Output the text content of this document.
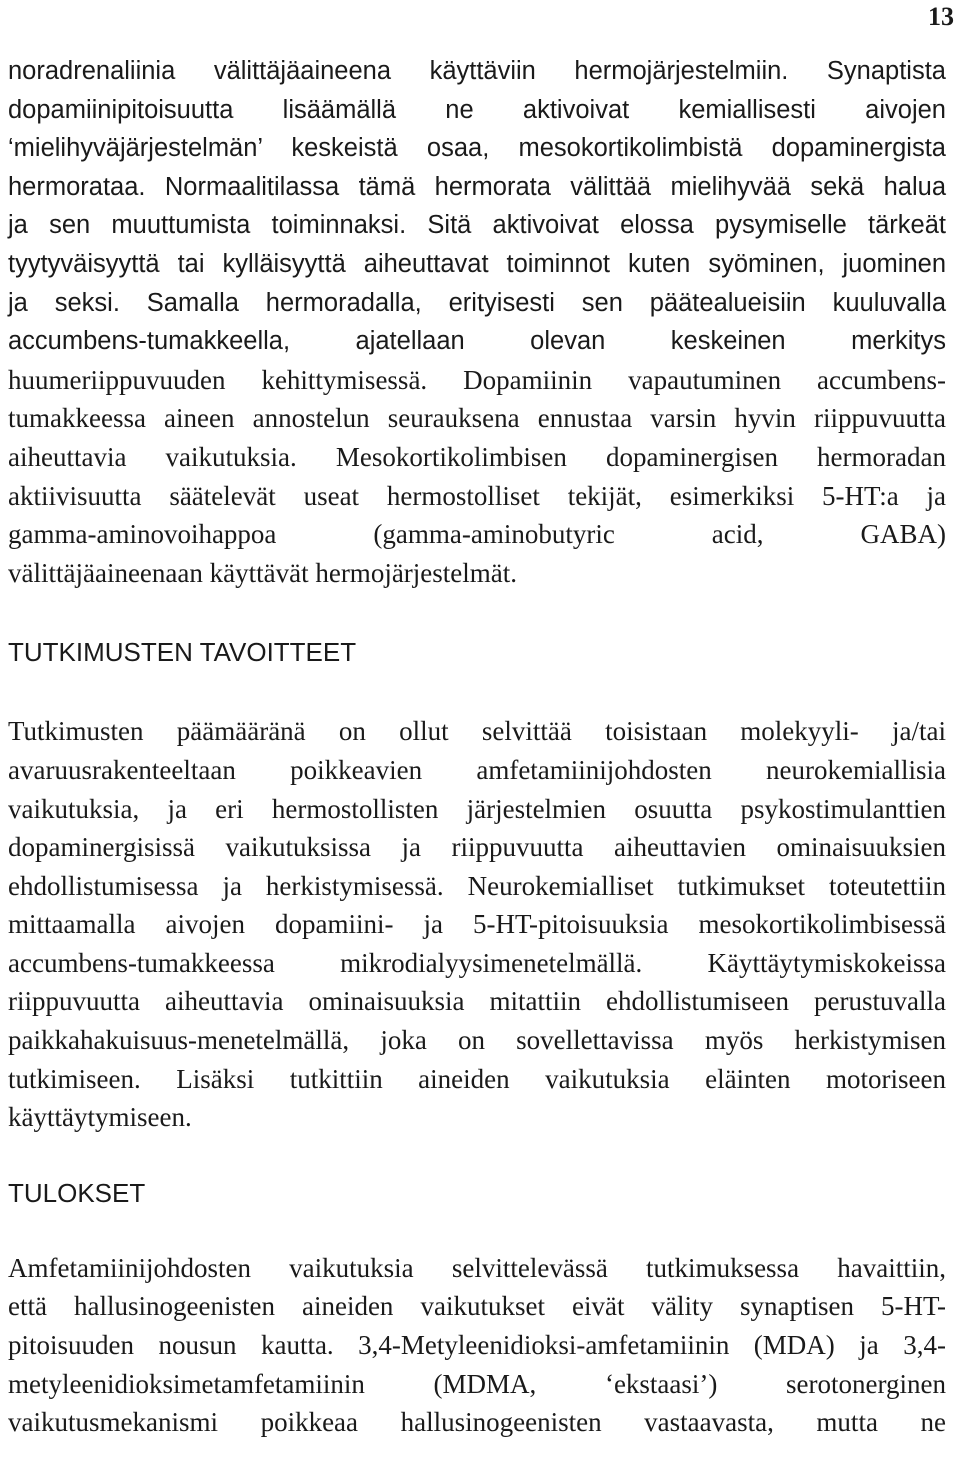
13
noradrenaliinia välittäjäaineena käyttäviin hermojärjestelmiin. Synaptista
dopamiinipitoisuutta lisäämällä ne aktivoivat kemiallisesti aivojen
‘mielihyväjärjestelmän’ keskeistä osaa, mesokortikolimbistä dopaminergista
hermorataa. Normaalitilassa tämä hermorata välittää mielihyvää sekä halua
ja sen muuttumista toiminnaksi. Sitä aktivoivat elossa pysymiselle tärkeät
tyytyväisyyttä tai kylläisyyttä aiheuttavat toiminnot kuten syöminen, juominen
ja seksi. Samalla hermoradalla, erityisesti sen päätealueisiin kuuluvalla
accumbens-tumakkeella, ajatellaan olevan keskeinen merkitys
huumeriippuvuuden kehittymisessä. Dopamiinin vapautuminen accumbens-
tumakkeessa aineen annostelun seurauksena ennustaa varsin hyvin riippuvuutta
aiheuttavia vaikutuksia. Mesokortikolimbisen dopaminergisen hermoradan
aktiivisuutta säätelevät useat hermostolliset tekijät, esimerkiksi 5-HT:a ja
gamma-aminovoihappoa (gamma-aminobutyric acid, GABA)
välittäjäaineenaan käyttävät hermojärjestelmät.
TUTKIMUSTEN TAVOITTEET
Tutkimusten päämääränä on ollut selvittää toisistaan molekyyli- ja/tai
avaruusrakenteeltaan poikkeavien amfetamiinijohdosten neurokemiallisia
vaikutuksia, ja eri hermostollisten järjestelmien osuutta psykostimulanttien
dopaminergisissä vaikutuksissa ja riippuvuutta aiheuttavien ominaisuuksien
ehdollistumisessa ja herkistymisessä. Neurokemialliset tutkimukset toteutettiin
mittaamalla aivojen dopamiini- ja 5-HT-pitoisuuksia mesokortikolimbisessä
accumbens-tumakkeessa mikrodialyysimenetelmällä. Käyttäytymiskokeissa
riippuvuutta aiheuttavia ominaisuuksia mitattiin ehdollistumiseen perustuvalla
paikkahakuisuus-menetelmällä, joka on sovellettavissa myös herkistymisen
tutkimiseen. Lisäksi tutkittiin aineiden vaikutuksia eläinten motoriseen
käyttäytymiseen.
TULOKSET
Amfetamiinijohdosten vaikutuksia selvittelevässä tutkimuksessa havaittiin,
että hallusinogeenisten aineiden vaikutukset eivät välity synaptisen 5-HT-
pitoisuuden nousun kautta. 3,4-Metyleenidioksi-amfetamiinin (MDA) ja 3,4-
metyleenidioksimetamfetamiinin (MDMA, ‘ekstaasi’) serotonerginen
vaikutusmekanismi poikkeaa hallusinogeenisten vastaavasta, mutta ne
